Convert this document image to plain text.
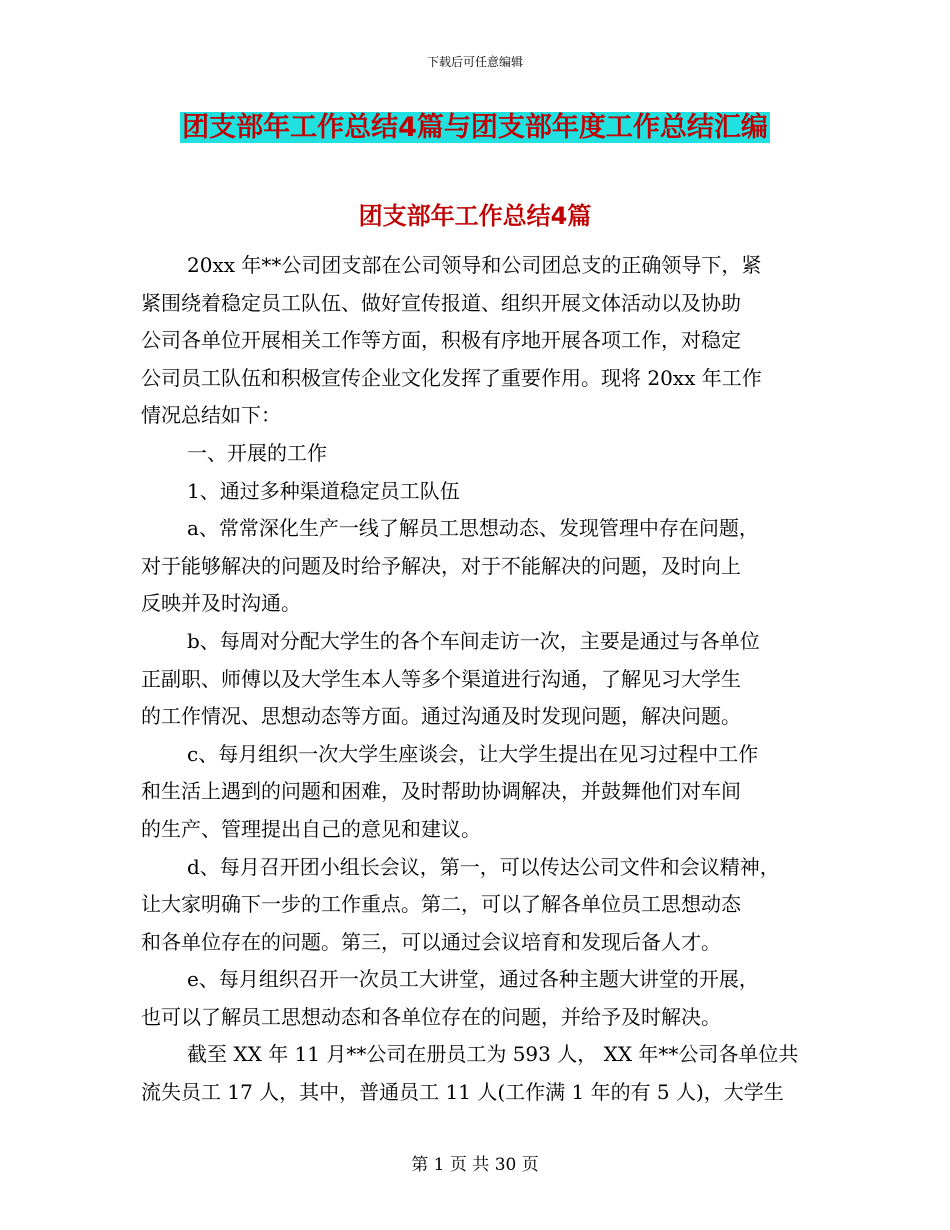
下载后可任意编辑
团支部年工作总结4篇与团支部年度工作总结汇编
团支部年工作总结4篇
20xx 年**公司团支部在公司领导和公司团总支的正确领导下，紧
紧围绕着稳定员工队伍、做好宣传报道、组织开展文体活动以及协助
公司各单位开展相关工作等方面，积极有序地开展各项工作，对稳定
公司员工队伍和积极宣传企业文化发挥了重要作用。现将 20xx 年工作
情况总结如下：
一、开展的工作
1、通过多种渠道稳定员工队伍
a、常常深化生产一线了解员工思想动态、发现管理中存在问题，
对于能够解决的问题及时给予解决，对于不能解决的问题，及时向上
反映并及时沟通。
b、每周对分配大学生的各个车间走访一次，主要是通过与各单位
正副职、师傅以及大学生本人等多个渠道进行沟通，了解见习大学生
的工作情况、思想动态等方面。通过沟通及时发现问题，解决问题。
c、每月组织一次大学生座谈会，让大学生提出在见习过程中工作
和生活上遇到的问题和困难，及时帮助协调解决，并鼓舞他们对车间
的生产、管理提出自己的意见和建议。
d、每月召开团小组长会议，第一，可以传达公司文件和会议精神，
让大家明确下一步的工作重点。第二，可以了解各单位员工思想动态
和各单位存在的问题。第三，可以通过会议培育和发现后备人才。
e、每月组织召开一次员工大讲堂，通过各种主题大讲堂的开展，
也可以了解员工思想动态和各单位存在的问题，并给予及时解决。
截至 XX 年 11 月**公司在册员工为 593 人， XX 年**公司各单位共
流失员工 17 人，其中，普通员工 11 人(工作满 1 年的有 5 人)，大学生
第 1 页 共 30 页
